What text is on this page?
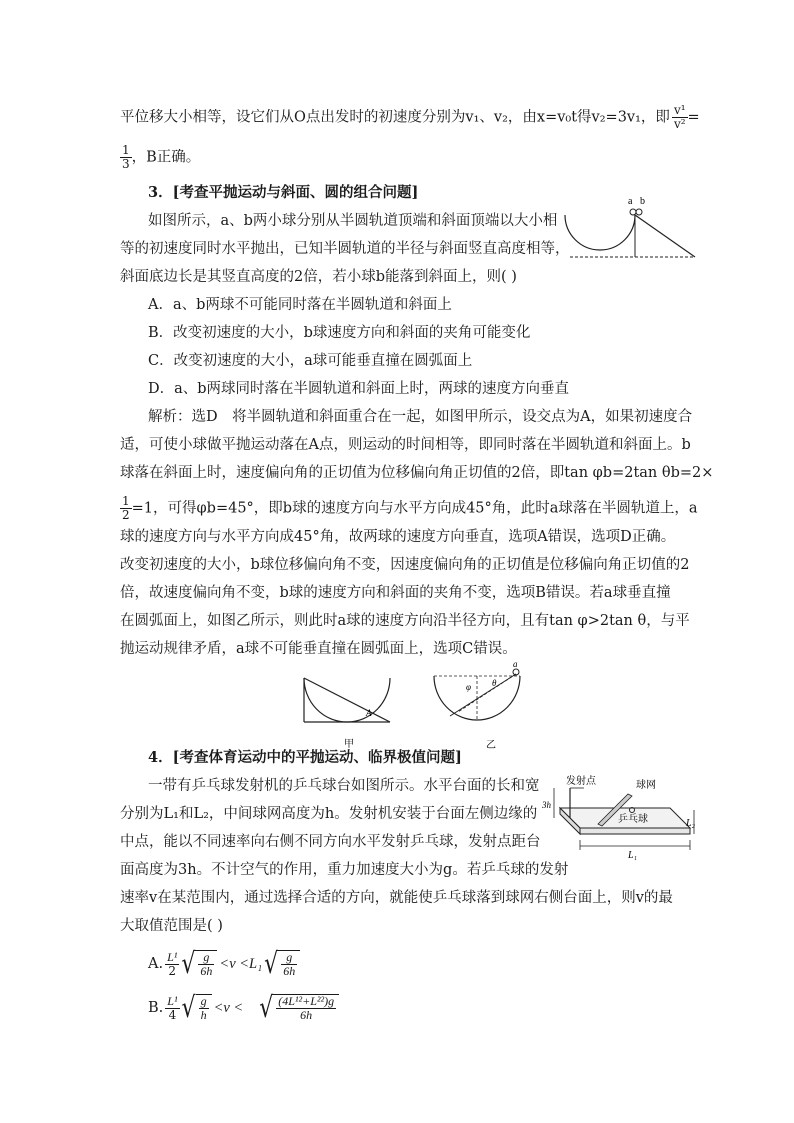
平位移大小相等，设它们从O点出发时的初速度分别为v₁、v₂，由x=v₀t得v₂=3v₁，即 $\frac{\text{v¹}}{\text{v²}}$ =
$\frac{1}{3}$ ，B正确。
3．[考查平抛运动与斜面、圆的组合问题]
如图所示，a、b两小球分别从半圆轨道顶端和斜面顶端以大小相
等的初速度同时水平抛出，已知半圆轨道的半径与斜面竖直高度相等，
斜面底边长是其竖直高度的2倍，若小球b能落到斜面上，则( )
A．a、b两球不可能同时落在半圆轨道和斜面上
B．改变初速度的大小，b球速度方向和斜面的夹角可能变化
C．改变初速度的大小，a球可能垂直撞在圆弧面上
D．a、b两球同时落在半圆轨道和斜面上时，两球的速度方向垂直
a b
解析：选D　将半圆轨道和斜面重合在一起，如图甲所示，设交点为A，如果初速度合
适，可使小球做平抛运动落在A点，则运动的时间相等，即同时落在半圆轨道和斜面上。b
球落在斜面上时，速度偏向角的正切值为位移偏向角正切值的2倍，即tan φb=2tan θb=2×
$\frac{1}{2} =1$，可得φb=45°，即b球的速度方向与水平方向成45°角，此时a球落在半圆轨道上，a
球的速度方向与水平方向成45°角，故两球的速度方向垂直，选项A错误，选项D正确。
改变初速度的大小，b球位移偏向角不变，因速度偏向角的正切值是位移偏向角正切值的2
倍，故速度偏向角不变，b球的速度方向和斜面的夹角不变，选项B错误。若a球垂直撞
在圆弧面上，如图乙所示，则此时a球的速度方向沿半径方向，且有tan φ>2tan θ，与平
抛运动规律矛盾，a球不可能垂直撞在圆弧面上，选项C错误。
A
甲
a
φ θ
乙
4．[考查体育运动中的平抛运动、临界极值问题]
一带有乒乓球发射机的乒乓球台如图所示。水平台面的长和宽
分别为L₁和L₂，中间球网高度为h。发射机安装于台面左侧边缘的
中点，能以不同速率向右侧不同方向水平发射乒乓球，发射点距台
面高度为3h。不计空气的作用，重力加速度大小为g。若乒乓球的发射
速率v在某范围内，通过选择合适的方向，就能使乒乓球落到球网右侧台面上，则v的最
大取值范围是( )
发射点	球网
乒乓球
3h
L₁
L₂
A. $\frac{\text{L¹}}{2}$ √ $\frac{g}{6h} <v <L_1$ √ $\frac{g}{6h}$
B. $\frac{\text{L¹}}{4}$ √ $\frac{g}{h} <v$ < √ $\frac{\text{(4L¹²+L²²)g}}{6h}$
